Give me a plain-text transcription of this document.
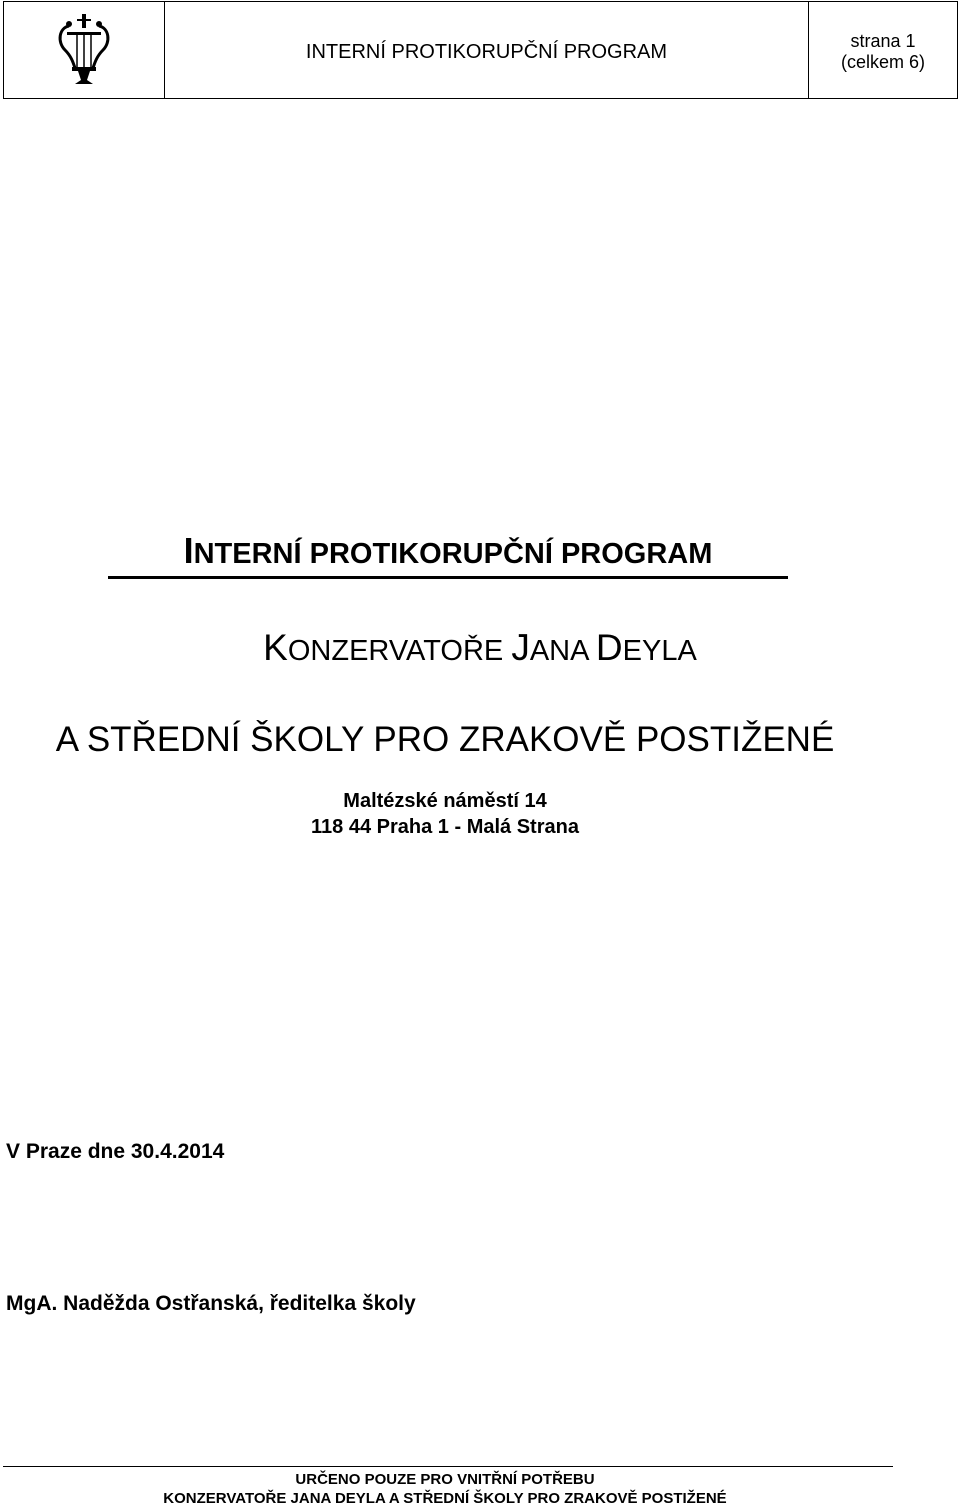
INTERNÍ PROTIKORUPČNÍ PROGRAM	strana 1
(celkem 6)
INTERNÍ PROTIKORUPČNÍ PROGRAM
KONZERVATOŘE JANA DEYLA
A STŘEDNÍ ŠKOLY PRO ZRAKOVĚ POSTIŽENÉ
Maltézské náměstí 14
118 44 Praha 1 - Malá Strana
V Praze dne 30.4.2014
MgA. Naděžda Ostřanská, ředitelka školy
URČENO POUZE PRO VNITŘNÍ POTŘEBU
KONZERVATOŘE JANA DEYLA A STŘEDNÍ ŠKOLY PRO ZRAKOVĚ POSTIŽENÉ
